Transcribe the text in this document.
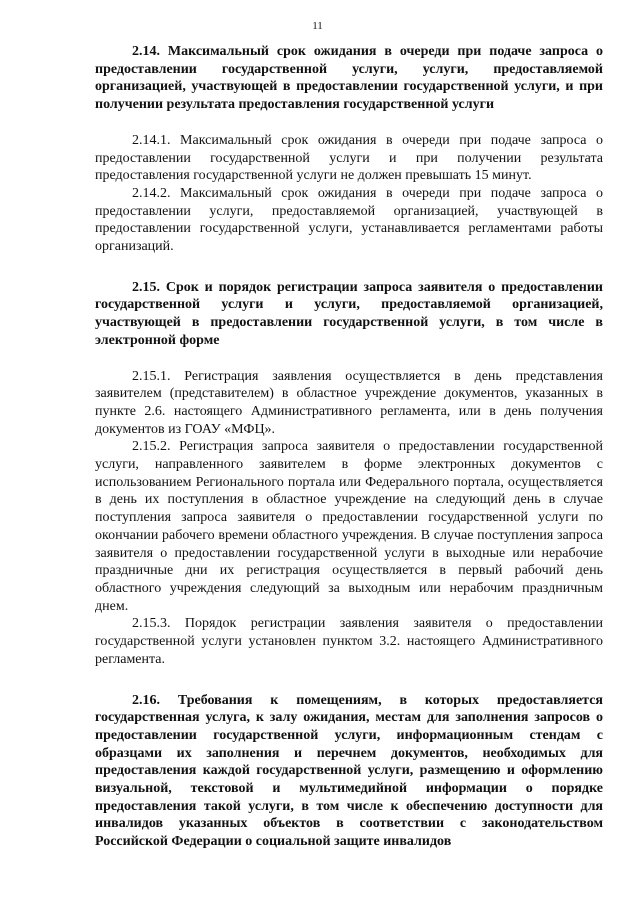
11

2.14. Максимальный срок ожидания в очереди при подаче запроса о предоставлении государственной услуги, услуги, предоставляемой организацией, участвующей в предоставлении государственной услуги, и при получении результата предоставления государственной услуги

2.14.1. Максимальный срок ожидания в очереди при подаче запроса о предоставлении государственной услуги и при получении результата предоставления государственной услуги не должен превышать 15 минут.

2.14.2. Максимальный срок ожидания в очереди при подаче запроса о предоставлении услуги, предоставляемой организацией, участвующей в предоставлении государственной услуги, устанавливается регламентами работы организаций.

2.15. Срок и порядок регистрации запроса заявителя о предоставлении государственной услуги и услуги, предоставляемой организацией, участвующей в предоставлении государственной услуги, в том числе в электронной форме

2.15.1. Регистрация заявления осуществляется в день представления заявителем (представителем) в областное учреждение документов, указанных в пункте 2.6. настоящего Административного регламента, или в день получения документов из ГОАУ «МФЦ».

2.15.2. Регистрация запроса заявителя о предоставлении государственной услуги, направленного заявителем в форме электронных документов с использованием Регионального портала или Федерального портала, осуществляется в день их поступления в областное учреждение на следующий день в случае поступления запроса заявителя о предоставлении государственной услуги по окончании рабочего времени областного учреждения. В случае поступления запроса заявителя о предоставлении государственной услуги в выходные или нерабочие праздничные дни их регистрация осуществляется в первый рабочий день областного учреждения следующий за выходным или нерабочим праздничным днем.

2.15.3. Порядок регистрации заявления заявителя о предоставлении государственной услуги установлен пунктом 3.2. настоящего Административного регламента.

2.16. Требования к помещениям, в которых предоставляется государственная услуга, к залу ожидания, местам для заполнения запросов о предоставлении государственной услуги, информационным стендам с образцами их заполнения и перечнем документов, необходимых для предоставления каждой государственной услуги, размещению и оформлению визуальной, текстовой и мультимедийной информации о порядке предоставления такой услуги, в том числе к обеспечению доступности для инвалидов указанных объектов в соответствии с законодательством Российской Федерации о социальной защите инвалидов
